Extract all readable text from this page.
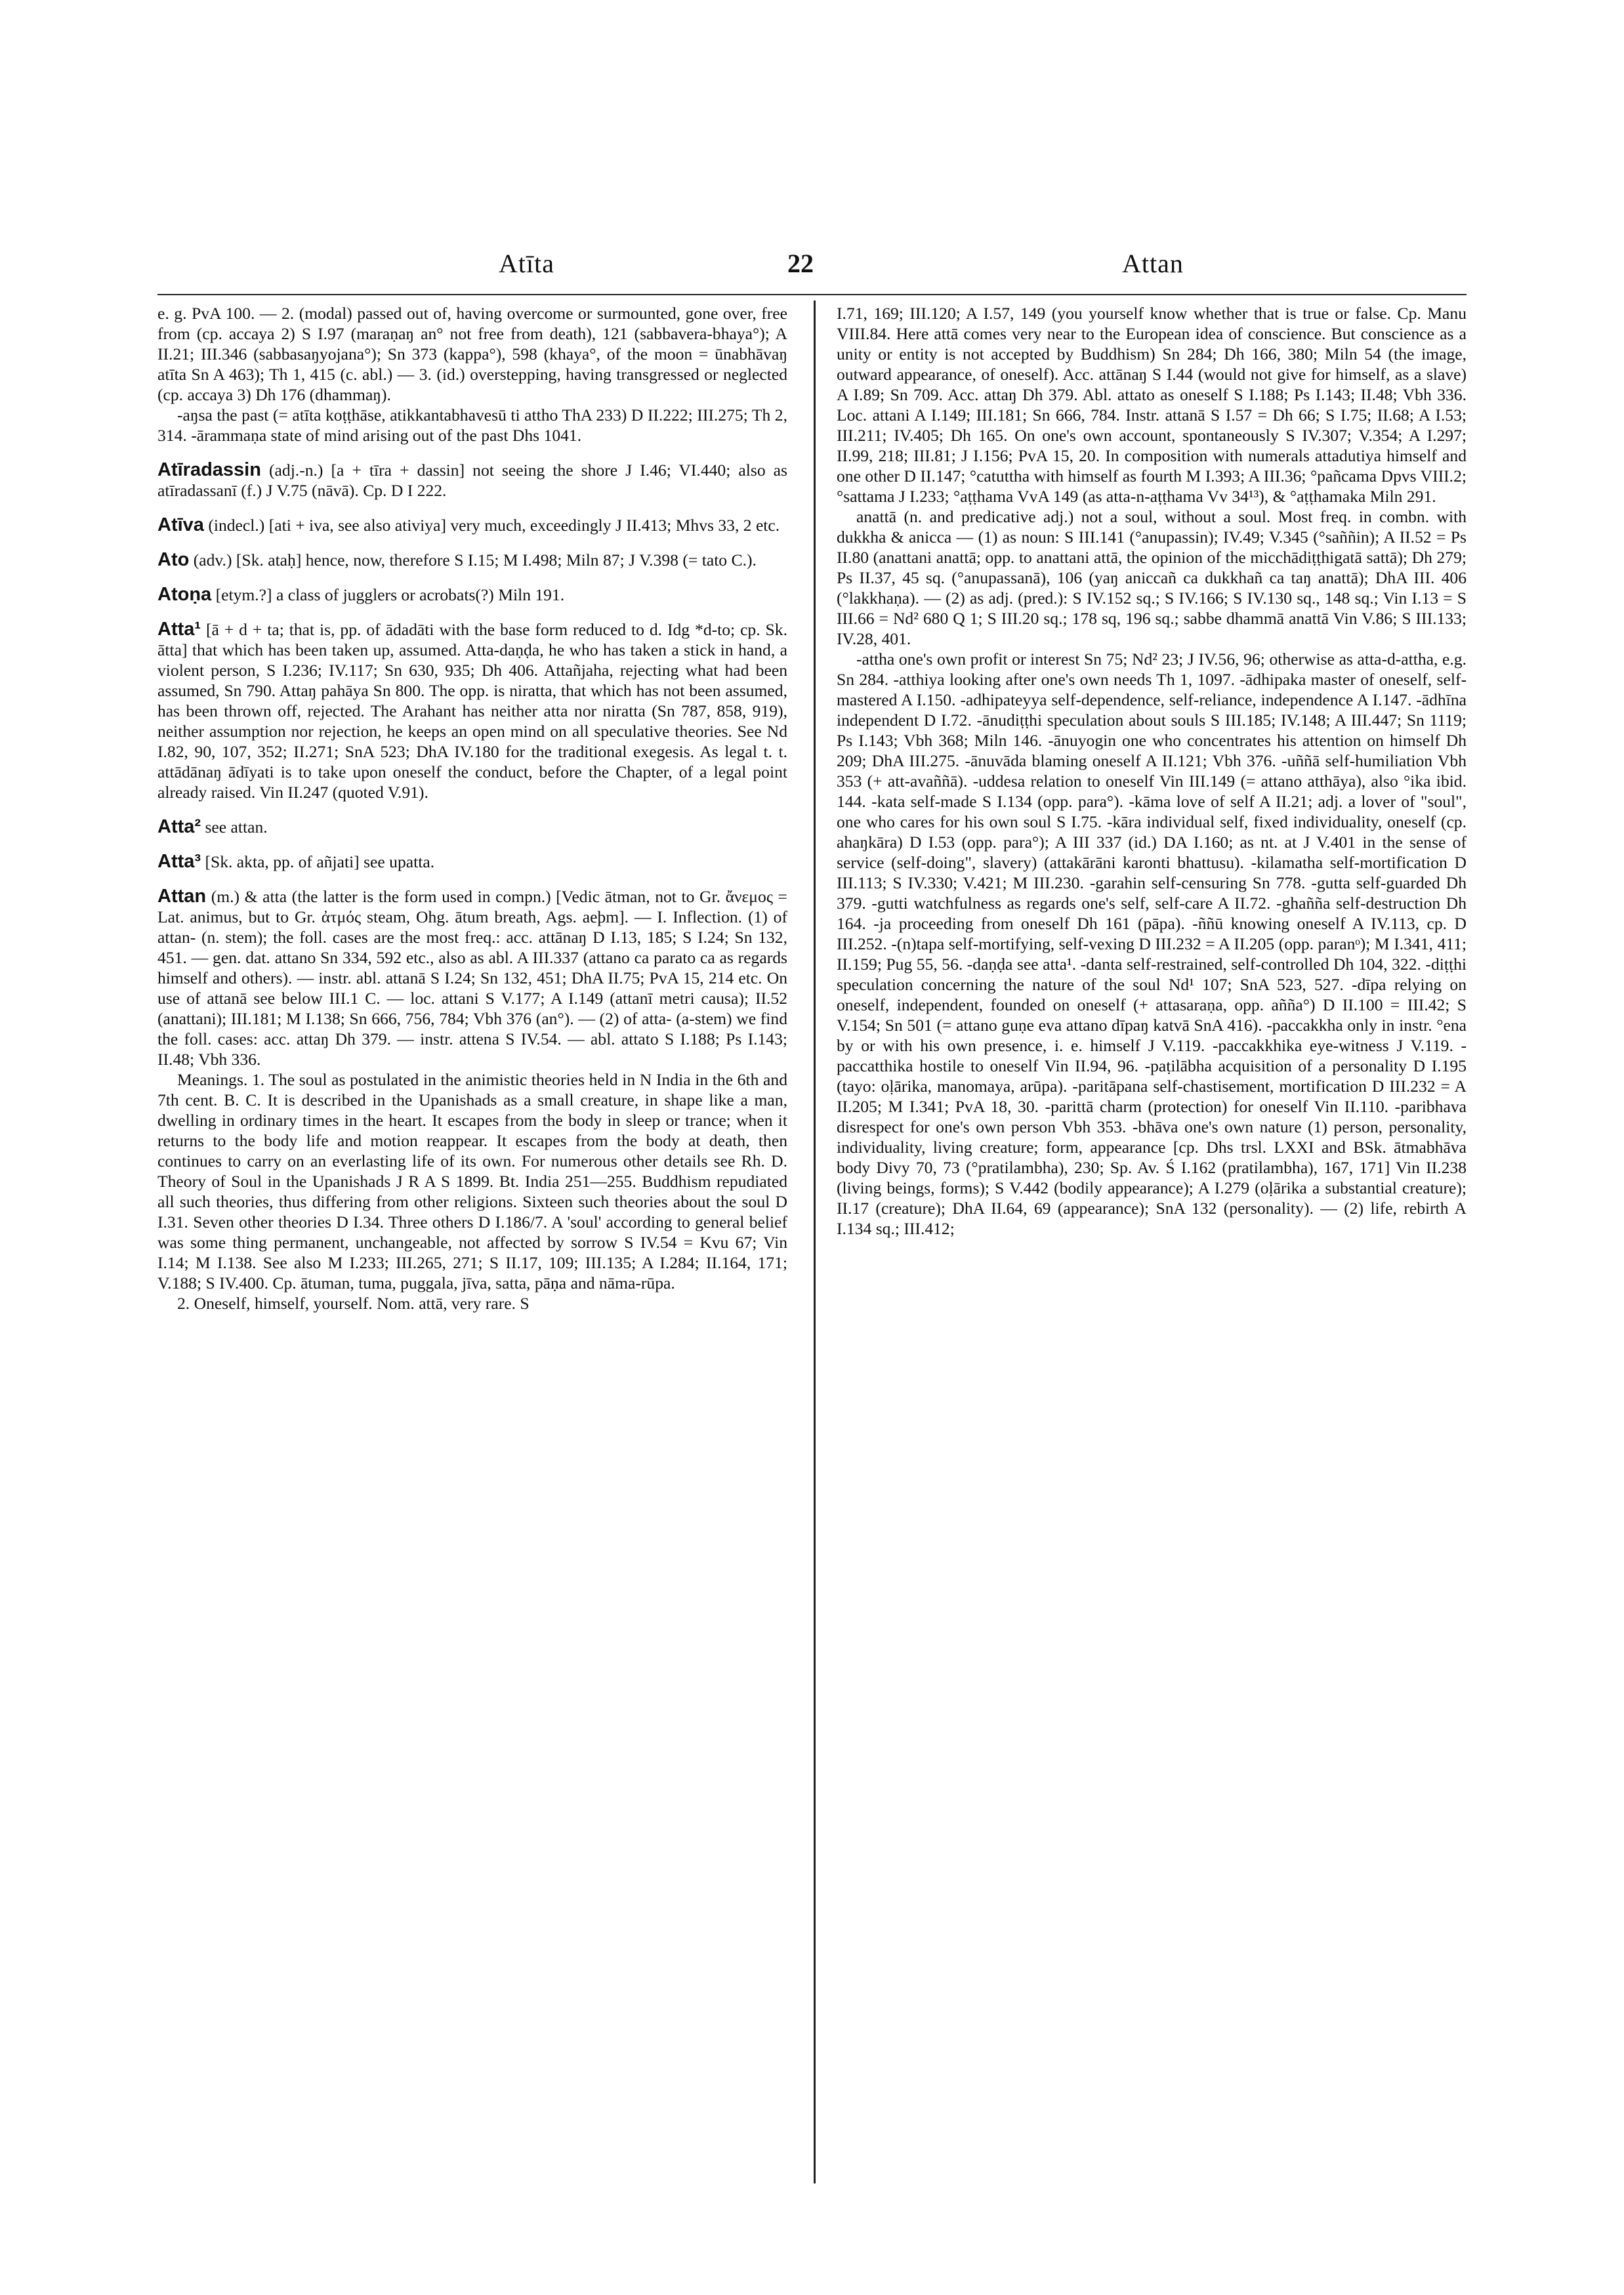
Atīta	22	Attan

e. g. PvA 100. — 2. (modal) passed out of, having overcome or surmounted, gone over, free from (cp. accaya 2) S I.97 (maraṇaŋ an° not free from death), 121 (sabbavera-bhaya°); A II.21; III.346 (sabbasaŋyojana°); Sn 373 (kappa°), 598 (khaya°, of the moon = ūnabhāvaŋ atīta Sn A 463); Th 1, 415 (c. abl.) — 3. (id.) overstepping, having transgressed or neglected (cp. accaya 3) Dh 176 (dhammaŋ).

-aŋsa the past (= atīta koṭṭhāse, atikkantabhavesū ti attho ThA 233) D II.222; III.275; Th 2, 314. -ārammaṇa state of mind arising out of the past Dhs 1041.

Atīradassin (adj.-n.) [a + tīra + dassin] not seeing the shore J I.46; VI.440; also as atīradassanī (f.) J V.75 (nāvā). Cp. D I 222.

Atīva (indecl.) [ati + iva, see also ativiya] very much, exceedingly J II.413; Mhvs 33, 2 etc.

Ato (adv.) [Sk. ataḥ] hence, now, therefore S I.15; M I.498; Miln 87; J V.398 (= tato C.).

Atoṇa [etym.?] a class of jugglers or acrobats(?) Miln 191.

Atta¹ [ā + d + ta; that is, pp. of ādadāti with the base form reduced to d. Idg *d-to; cp. Sk. ātta] that which has been taken up, assumed. Atta-daṇḍa, he who has taken a stick in hand, a violent person, S I.236; IV.117; Sn 630, 935; Dh 406. Attañjaha, rejecting what had been assumed, Sn 790. Attaŋ pahāya Sn 800. The opp. is niratta, that which has not been assumed, has been thrown off, rejected. The Arahant has neither atta nor niratta (Sn 787, 858, 919), neither assumption nor rejection, he keeps an open mind on all speculative theories. See Nd I.82, 90, 107, 352; II.271; SnA 523; DhA IV.180 for the traditional exegesis. As legal t. t. attādānaŋ ādīyati is to take upon oneself the conduct, before the Chapter, of a legal point already raised. Vin II.247 (quoted V.91).

Atta² see attan.

Atta³ [Sk. akta, pp. of añjati] see upatta.

Attan (m.) & atta (the latter is the form used in compn.) [Vedic ātman, not to Gr. ἄνεμος = Lat. animus, but to Gr. ἀτμός steam, Ohg. ātum breath, Ags. aeþm]. — I. Inflection. (1) of attan- (n. stem); the foll. cases are the most freq.: acc. attānaŋ D I.13, 185; S I.24; Sn 132, 451. — gen. dat. attano Sn 334, 592 etc., also as abl. A III.337 (attano ca parato ca as regards himself and others). — instr. abl. attanā S I.24; Sn 132, 451; DhA II.75; PvA 15, 214 etc. On use of attanā see below III.1 C. — loc. attani S V.177; A I.149 (attanī metri causa); II.52 (anattani); III.181; M I.138; Sn 666, 756, 784; Vbh 376 (an°). — (2) of atta- (a-stem) we find the foll. cases: acc. attaŋ Dh 379. — instr. attena S IV.54. — abl. attato S I.188; Ps I.143; II.48; Vbh 336.

Meanings. 1. The soul as postulated in the animistic theories held in N India in the 6th and 7th cent. B. C. It is described in the Upanishads as a small creature, in shape like a man, dwelling in ordinary times in the heart. It escapes from the body in sleep or trance; when it returns to the body life and motion reappear. It escapes from the body at death, then continues to carry on an everlasting life of its own. For numerous other details see Rh. D. Theory of Soul in the Upanishads J R A S 1899. Bt. India 251—255. Buddhism repudiated all such theories, thus differing from other religions. Sixteen such theories about the soul D I.31. Seven other theories D I.34. Three others D I.186/7. A 'soul' according to general belief was some thing permanent, unchangeable, not affected by sorrow S IV.54 = Kvu 67; Vin I.14; M I.138. See also M I.233; III.265, 271; S II.17, 109; III.135; A I.284; II.164, 171; V.188; S IV.400. Cp. ātuman, tuma, puggala, jīva, satta, pāṇa and nāma-rūpa.

2. Oneself, himself, yourself. Nom. attā, very rare. S

I.71, 169; III.120; A I.57, 149 (you yourself know whether that is true or false. Cp. Manu VIII.84. Here attā comes very near to the European idea of conscience. But conscience as a unity or entity is not accepted by Buddhism) Sn 284; Dh 166, 380; Miln 54 (the image, outward appearance, of oneself). Acc. attānaŋ S I.44 (would not give for himself, as a slave) A I.89; Sn 709. Acc. attaŋ Dh 379. Abl. attato as oneself S I.188; Ps I.143; II.48; Vbh 336. Loc. attani A I.149; III.181; Sn 666, 784. Instr. attanā S I.57 = Dh 66; S I.75; II.68; A I.53; III.211; IV.405; Dh 165. On one's own account, spontaneously S IV.307; V.354; A I.297; II.99, 218; III.81; J I.156; PvA 15, 20. In composition with numerals attadutiya himself and one other D II.147; °catuttha with himself as fourth M I.393; A III.36; °pañcama Dpvs VIII.2; °sattama J I.233; °aṭṭhama VvA 149 (as atta-n-aṭṭhama Vv 34¹³), & °aṭṭhamaka Miln 291.

anattā (n. and predicative adj.) not a soul, without a soul. Most freq. in combn. with dukkha & anicca — (1) as noun: S III.141 (°anupassin); IV.49; V.345 (°saññin); A II.52 = Ps II.80 (anattani anattā; opp. to anattani attā, the opinion of the micchādiṭṭhigatā sattā); Dh 279; Ps II.37, 45 sq. (°anupassanā), 106 (yaŋ aniccañ ca dukkhañ ca taŋ anattā); DhA III. 406 (°lakkhaṇa). — (2) as adj. (pred.): S IV.152 sq.; S IV.166; S IV.130 sq., 148 sq.; Vin I.13 = S III.66 = Nd² 680 Q 1; S III.20 sq.; 178 sq, 196 sq.; sabbe dhammā anattā Vin V.86; S III.133; IV.28, 401.

-attha one's own profit or interest Sn 75; Nd² 23; J IV.56, 96; otherwise as atta-d-attha, e.g. Sn 284. -atthiya looking after one's own needs Th 1, 1097. -ādhipaka master of oneself, self-mastered A I.150. -adhipateyya self-dependence, self-reliance, independence A I.147. -ādhīna independent D I.72. -ānudiṭṭhi speculation about souls S III.185; IV.148; A III.447; Sn 1119; Ps I.143; Vbh 368; Miln 146. -ānuyogin one who concentrates his attention on himself Dh 209; DhA III.275. -ānuvāda blaming oneself A II.121; Vbh 376. -uññā self-humiliation Vbh 353 (+ att-avaññā). -uddesa relation to oneself Vin III.149 (= attano atthāya), also °ika ibid. 144. -kata self-made S I.134 (opp. para°). -kāma love of self A II.21; adj. a lover of "soul", one who cares for his own soul S I.75. -kāra individual self, fixed individuality, oneself (cp. ahaŋkāra) D I.53 (opp. para°); A III 337 (id.) DA I.160; as nt. at J V.401 in the sense of service (self-doing", slavery) (attakārāni karonti bhattusu). -kilamatha self-mortification D III.113; S IV.330; V.421; M III.230. -garahin self-censuring Sn 778. -gutta self-guarded Dh 379. -gutti watchfulness as regards one's self, self-care A II.72. -ghañña self-destruction Dh 164. -ja proceeding from oneself Dh 161 (pāpa). -ññū knowing oneself A IV.113, cp. D III.252. -(n)tapa self-mortifying, self-vexing D III.232 = A II.205 (opp. paranᵒ); M I.341, 411; II.159; Pug 55, 56. -daṇḍa see atta¹. -danta self-restrained, self-controlled Dh 104, 322. -diṭṭhi speculation concerning the nature of the soul Nd¹ 107; SnA 523, 527. -dīpa relying on oneself, independent, founded on oneself (+ attasaraṇa, opp. añña°) D II.100 = III.42; S V.154; Sn 501 (= attano guṇe eva attano dīpaŋ katvā SnA 416). -paccakkha only in instr. °ena by or with his own presence, i. e. himself J V.119. -paccakkhika eye-witness J V.119. -paccatthika hostile to oneself Vin II.94, 96. -paṭilābha acquisition of a personality D I.195 (tayo: oḷārika, manomaya, arūpa). -paritāpana self-chastisement, mortification D III.232 = A II.205; M I.341; PvA 18, 30. -parittā charm (protection) for oneself Vin II.110. -paribhava disrespect for one's own person Vbh 353. -bhāva one's own nature (1) person, personality, individuality, living creature; form, appearance [cp. Dhs trsl. LXXI and BSk. ātmabhāva body Divy 70, 73 (°pratilambha), 230; Sp. Av. Ś I.162 (pratilambha), 167, 171] Vin II.238 (living beings, forms); S V.442 (bodily appearance); A I.279 (oḷārika a substantial creature); II.17 (creature); DhA II.64, 69 (appearance); SnA 132 (personality). — (2) life, rebirth A I.134 sq.; III.412;
